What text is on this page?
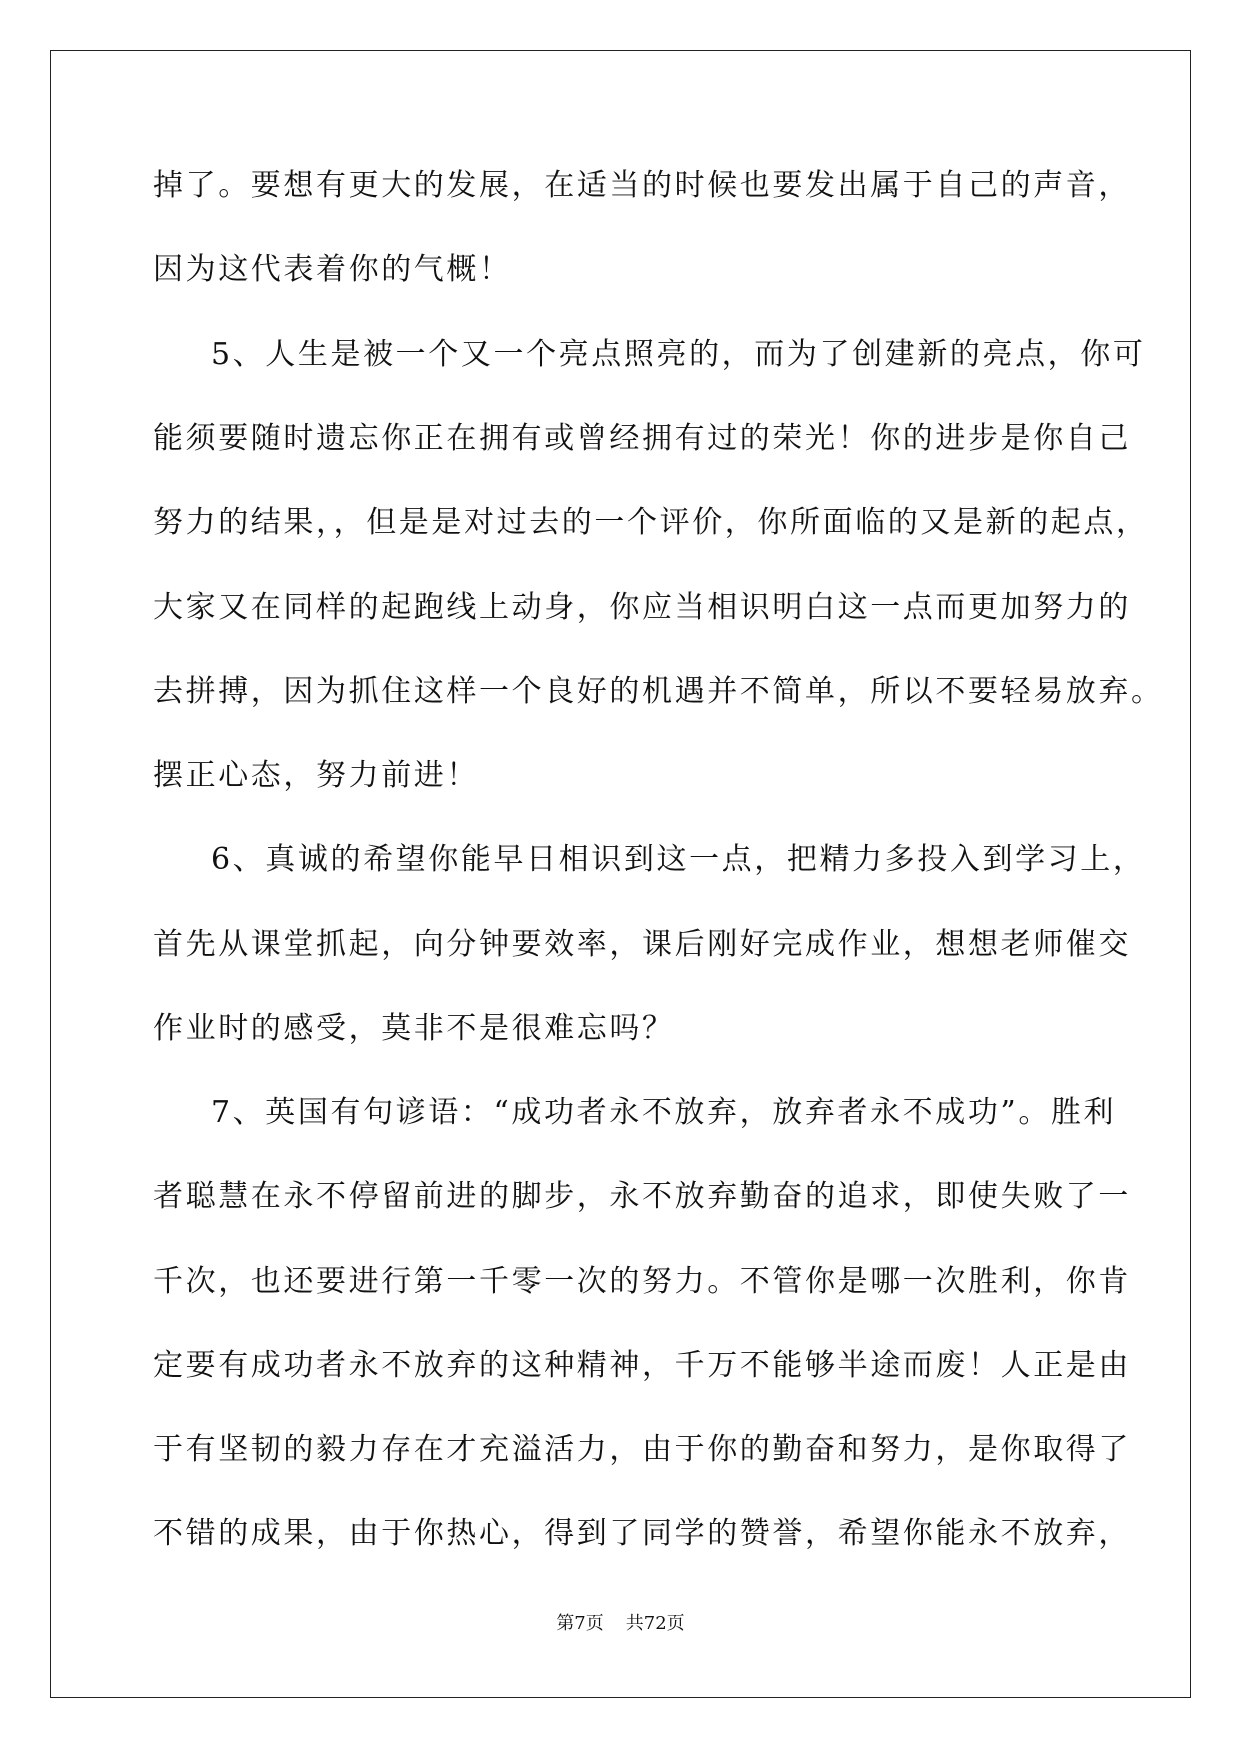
掉了。要想有更大的发展，在适当的时候也要发出属于自己的声音，
因为这代表着你的气概！
5、人生是被一个又一个亮点照亮的，而为了创建新的亮点，你可
能须要随时遗忘你正在拥有或曾经拥有过的荣光！你的进步是你自己
努力的结果，，但是是对过去的一个评价，你所面临的又是新的起点，
大家又在同样的起跑线上动身，你应当相识明白这一点而更加努力的
去拼搏，因为抓住这样一个良好的机遇并不简单，所以不要轻易放弃。
摆正心态，努力前进！
6、真诚的希望你能早日相识到这一点，把精力多投入到学习上，
首先从课堂抓起，向分钟要效率，课后刚好完成作业，想想老师催交
作业时的感受，莫非不是很难忘吗？
7、英国有句谚语：“成功者永不放弃，放弃者永不成功”。胜利
者聪慧在永不停留前进的脚步，永不放弃勤奋的追求，即使失败了一
千次，也还要进行第一千零一次的努力。不管你是哪一次胜利，你肯
定要有成功者永不放弃的这种精神，千万不能够半途而废！人正是由
于有坚韧的毅力存在才充溢活力，由于你的勤奋和努力，是你取得了
不错的成果，由于你热心，得到了同学的赞誉，希望你能永不放弃，
第7页 共72页
